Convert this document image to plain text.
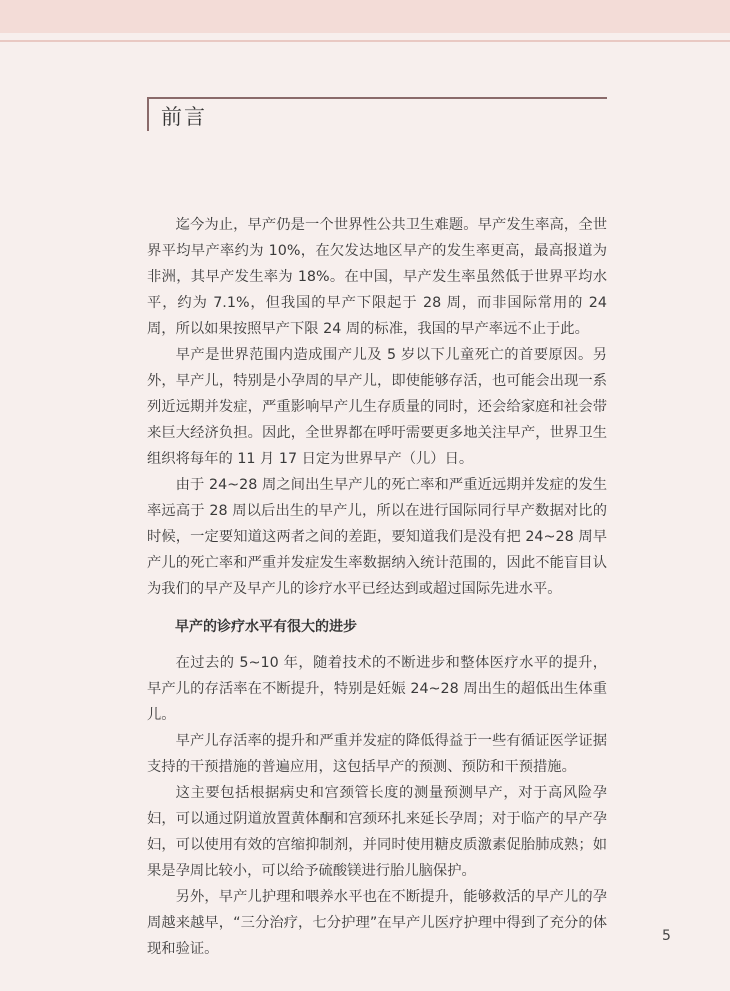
前言

迄今为止，早产仍是一个世界性公共卫生难题。早产发生率高，全世界平均早产率约为 10%，在欠发达地区早产的发生率更高，最高报道为非洲，其早产发生率为 18%。在中国，早产发生率虽然低于世界平均水平，约为 7.1%，但我国的早产下限起于 28 周，而非国际常用的 24 周，所以如果按照早产下限 24 周的标准，我国的早产率远不止于此。

早产是世界范围内造成围产儿及 5 岁以下儿童死亡的首要原因。另外，早产儿，特别是小孕周的早产儿，即使能够存活，也可能会出现一系列近远期并发症，严重影响早产儿生存质量的同时，还会给家庭和社会带来巨大经济负担。因此，全世界都在呼吁需要更多地关注早产，世界卫生组织将每年的 11 月 17 日定为世界早产（儿）日。

由于 24~28 周之间出生早产儿的死亡率和严重近远期并发症的发生率远高于 28 周以后出生的早产儿，所以在进行国际同行早产数据对比的时候，一定要知道这两者之间的差距，要知道我们是没有把 24~28 周早产儿的死亡率和严重并发症发生率数据纳入统计范围的，因此不能盲目认为我们的早产及早产儿的诊疗水平已经达到或超过国际先进水平。

早产的诊疗水平有很大的进步

在过去的 5~10 年，随着技术的不断进步和整体医疗水平的提升，早产儿的存活率在不断提升，特别是妊娠 24~28 周出生的超低出生体重儿。

早产儿存活率的提升和严重并发症的降低得益于一些有循证医学证据支持的干预措施的普遍应用，这包括早产的预测、预防和干预措施。

这主要包括根据病史和宫颈管长度的测量预测早产，对于高风险孕妇，可以通过阴道放置黄体酮和宫颈环扎来延长孕周；对于临产的早产孕妇，可以使用有效的宫缩抑制剂，并同时使用糖皮质激素促胎肺成熟；如果是孕周比较小，可以给予硫酸镁进行胎儿脑保护。

另外，早产儿护理和喂养水平也在不断提升，能够救活的早产儿的孕周越来越早，“三分治疗，七分护理”在早产儿医疗护理中得到了充分的体现和验证。

5
